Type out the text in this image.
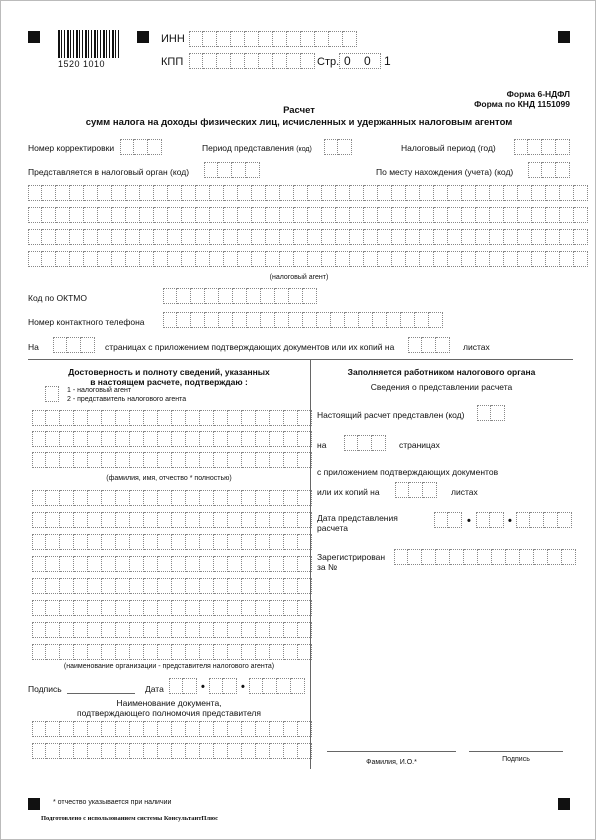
1520 1010
ИНН
КПП	Стр. 0 0 1
Форма 6-НДФЛ
Форма по КНД 1151099
Расчет
сумм налога на доходы физических лиц, исчисленных и удержанных налоговым агентом
Номер корректировки	Период представления (код)	Налоговый период (год)
Представляется в налоговый орган (код)	По месту нахождения (учета) (код)
(налоговый агент)
Код по ОКТМО
Номер контактного телефона
На	страницах с приложением подтверждающих документов или их копий на	листах
Достоверность и полноту сведений, указанных
в настоящем расчете, подтверждаю :
1 - налоговый агент
2 - представитель налогового агента
(фамилия, имя, отчество * полностью)
(наименование организации - представителя налогового агента)
Подпись	Дата	•	•
Наименование документа,
подтверждающего полномочия представителя
Заполняется работником налогового органа
Сведения о представлении расчета
Настоящий расчет представлен (код)
на	страницах
с приложением подтверждающих документов
или их копий на	листах
Дата представления
расчета
•	•
Зарегистрирован
за №
Фамилия, И.О.*	Подпись
* отчество указывается при наличии
Подготовлено с использованием системы КонсультантПлюс
